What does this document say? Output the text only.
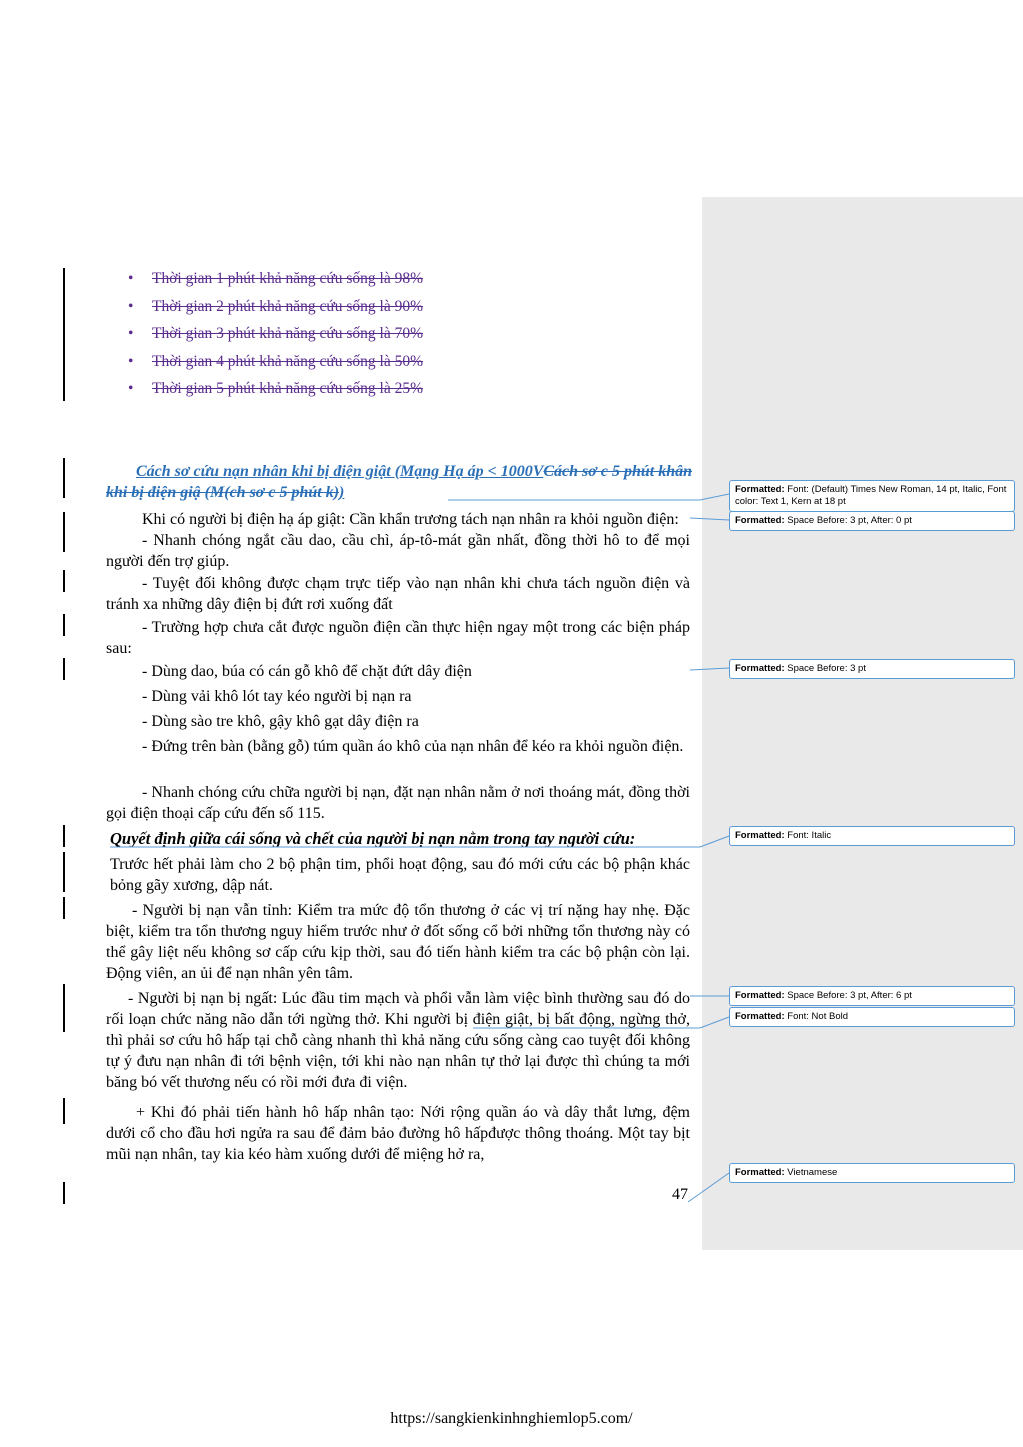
• Thời gian 1 phút khả năng cứu sống là 98%
• Thời gian 2 phút khả năng cứu sống là 90%
• Thời gian 3 phút khả năng cứu sống là 70%
• Thời gian 4 phút khả năng cứu sống là 50%
• Thời gian 5 phút khả năng cứu sống là 25%
Cách sơ cứu nạn nhân khi bị điện giật (Mạng Hạ áp < 1000VCách sơ c 5 phút khân khi bị điện giậ (M(ch sơ c 5 phút k))
Khi có người bị điện hạ áp giật: Cần khẩn trương tách nạn nhân ra khỏi nguồn điện:
- Nhanh chóng ngắt cầu dao, cầu chì, áp-tô-mát gần nhất, đồng thời hô to để mọi người đến trợ giúp.
- Tuyệt đối không được chạm trực tiếp vào nạn nhân khi chưa tách nguồn điện và tránh xa những dây điện bị đứt rơi xuống đất
- Trường hợp chưa cắt được nguồn điện cần thực hiện ngay một trong các biện pháp sau:
- Dùng dao, búa có cán gỗ khô để chặt đứt dây điện
- Dùng vải khô lót tay kéo người bị nạn ra
- Dùng sào tre khô, gậy khô gạt dây điện ra
- Đứng trên bàn (bằng gỗ) túm quần áo khô của nạn nhân để kéo ra khỏi nguồn điện.
- Nhanh chóng cứu chữa người bị nạn, đặt nạn nhân nằm ở nơi thoáng mát, đồng thời gọi điện thoại cấp cứu đến số 115.
Quyết định giữa cái sống và chết của người bị nạn nằm trong tay người cứu:
Trước hết phải làm cho 2 bộ phận tim, phổi hoạt động, sau đó mới cứu các bộ phận khác bỏng gãy xương, dập nát.
- Người bị nạn vẫn tỉnh: Kiểm tra mức độ tổn thương ở các vị trí nặng hay nhẹ. Đặc biệt, kiểm tra tổn thương nguy hiểm trước như ở đốt sống cổ bởi những tổn thương này có thể gây liệt nếu không sơ cấp cứu kịp thời, sau đó tiến hành kiểm tra các bộ phận còn lại. Động viên, an ủi để nạn nhân yên tâm.
- Người bị nạn bị ngất: Lúc đầu tim mạch và phổi vẫn làm việc bình thường sau đó do rối loạn chức năng não dẫn tới ngừng thở. Khi người bị điện giật, bị bất động, ngừng thở, thì phải sơ cứu hô hấp tại chỗ càng nhanh thì khả năng cứu sống càng cao tuyệt đối không tự ý đưu nạn nhân đi tới bệnh viện, tới khi nào nạn nhân tự thở lại được thì chúng ta mới băng bó vết thương nếu có rồi mới đưa đi viện.
+ Khi đó phải tiến hành hô hấp nhân tạo: Nới rộng quần áo và dây thắt lưng, đệm dưới cổ cho đầu hơi ngửa ra sau để đảm bảo đường hô hấpđược thông thoáng. Một tay bịt mũi nạn nhân, tay kia kéo hàm xuống dưới để miệng hở ra,
47
Formatted: Font: (Default) Times New Roman, 14 pt, Italic, Font color: Text 1, Kern at 18 pt
Formatted: Space Before: 3 pt, After: 0 pt
Formatted: Space Before: 3 pt
Formatted: Font: Italic
Formatted: Space Before: 3 pt, After: 6 pt
Formatted: Font: Not Bold
Formatted: Vietnamese
https://sangkienkinhnghiemlop5.com/
